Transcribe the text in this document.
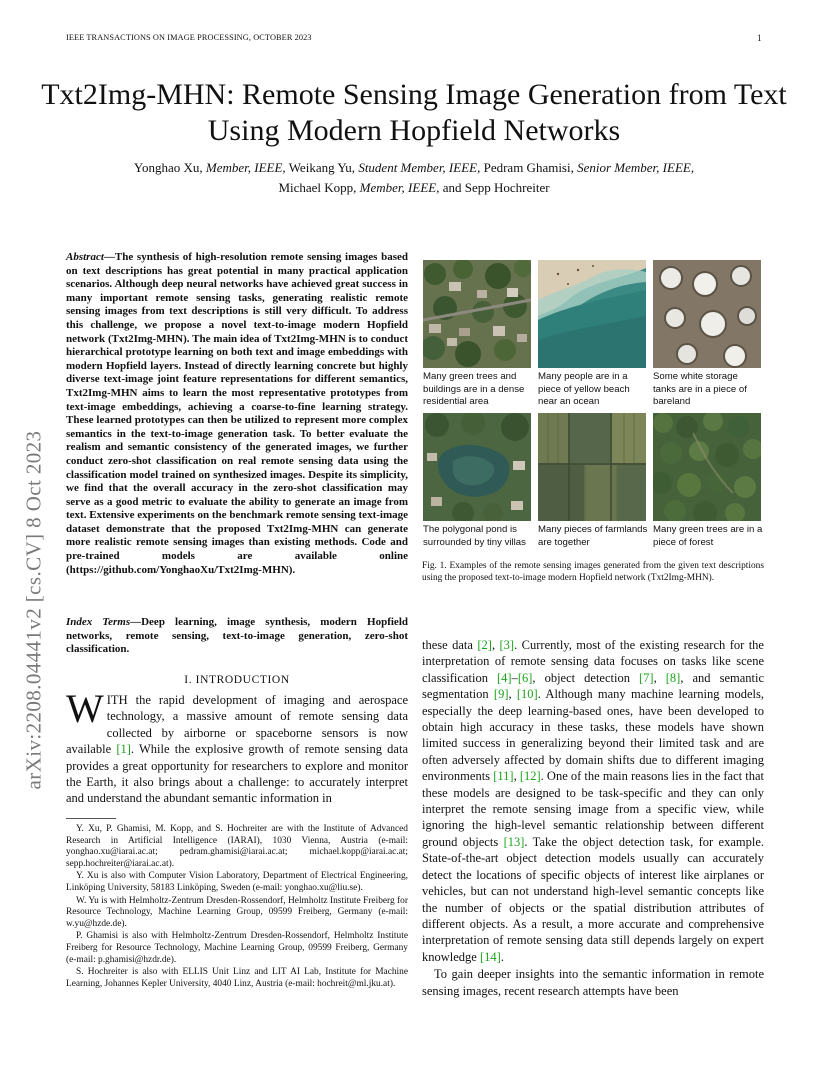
IEEE TRANSACTIONS ON IMAGE PROCESSING, OCTOBER 2023	1
arXiv:2208.04441v2 [cs.CV] 8 Oct 2023
Txt2Img-MHN: Remote Sensing Image Generation from Text Using Modern Hopfield Networks
Yonghao Xu, Member, IEEE, Weikang Yu, Student Member, IEEE, Pedram Ghamisi, Senior Member, IEEE,
Michael Kopp, Member, IEEE, and Sepp Hochreiter
Abstract—The synthesis of high-resolution remote sensing images based on text descriptions has great potential in many practical application scenarios. Although deep neural networks have achieved great success in many important remote sensing tasks, generating realistic remote sensing images from text descriptions is still very difficult. To address this challenge, we propose a novel text-to-image modern Hopfield network (Txt2Img-MHN). The main idea of Txt2Img-MHN is to conduct hierarchical prototype learning on both text and image embeddings with modern Hopfield layers. Instead of directly learning concrete but highly diverse text-image joint feature representations for different semantics, Txt2Img-MHN aims to learn the most representative prototypes from text-image embeddings, achieving a coarse-to-fine learning strategy. These learned prototypes can then be utilized to represent more complex semantics in the text-to-image generation task. To better evaluate the realism and semantic consistency of the generated images, we further conduct zero-shot classification on real remote sensing data using the classification model trained on synthesized images. Despite its simplicity, we find that the overall accuracy in the zero-shot classification may serve as a good metric to evaluate the ability to generate an image from text. Extensive experiments on the benchmark remote sensing text-image dataset demonstrate that the proposed Txt2Img-MHN can generate more realistic remote sensing images than existing methods. Code and pre-trained models are available online (https://github.com/YonghaoXu/Txt2Img-MHN).
Index Terms—Deep learning, image synthesis, modern Hopfield networks, remote sensing, text-to-image generation, zero-shot classification.
I. INTRODUCTION
WITH the rapid development of imaging and aerospace technology, a massive amount of remote sensing data collected by airborne or spaceborne sensors is now available [1]. While the explosive growth of remote sensing data provides a great opportunity for researchers to explore and monitor the Earth, it also brings about a challenge: to accurately interpret and understand the abundant semantic information in

Y. Xu, P. Ghamisi, M. Kopp, and S. Hochreiter are with the Institute of Advanced Research in Artificial Intelligence (IARAI), 1030 Vienna, Austria (e-mail: yonghao.xu@iarai.ac.at; pedram.ghamisi@iarai.ac.at; michael.kopp@iarai.ac.at; sepp.hochreiter@iarai.ac.at).

Y. Xu is also with Computer Vision Laboratory, Department of Electrical Engineering, Linköping University, 58183 Linköping, Sweden (e-mail: yonghao.xu@liu.se).

W. Yu is with Helmholtz-Zentrum Dresden-Rossendorf, Helmholtz Institute Freiberg for Resource Technology, Machine Learning Group, 09599 Freiberg, Germany (e-mail: w.yu@hzde.de).

P. Ghamisi is also with Helmholtz-Zentrum Dresden-Rossendorf, Helmholtz Institute Freiberg for Resource Technology, Machine Learning Group, 09599 Freiberg, Germany (e-mail: p.ghamisi@hzdr.de).

S. Hochreiter is also with ELLIS Unit Linz and LIT AI Lab, Institute for Machine Learning, Johannes Kepler University, 4040 Linz, Austria (e-mail: hochreit@ml.jku.at).

Many green trees and buildings are in a dense residential area
Many people are in a piece of yellow beach near an ocean
Some white storage tanks are in a piece of bareland
The polygonal pond is surrounded by tiny villas
Many pieces of farmlands are together
Many green trees are in a piece of forest
Fig. 1. Examples of the remote sensing images generated from the given text descriptions using the proposed text-to-image modern Hopfield network (Txt2Img-MHN).

these data [2], [3]. Currently, most of the existing research for the interpretation of remote sensing data focuses on tasks like scene classification [4]–[6], object detection [7], [8], and semantic segmentation [9], [10]. Although many machine learning models, especially the deep learning-based ones, have been developed to obtain high accuracy in these tasks, these models have shown limited success in generalizing beyond their limited task and are often adversely affected by domain shifts due to different imaging environments [11], [12]. One of the main reasons lies in the fact that these models are designed to be task-specific and they can only interpret the remote sensing image from a specific view, while ignoring the high-level semantic relationship between different ground objects [13]. Take the object detection task, for example. State-of-the-art object detection models usually can accurately detect the locations of specific objects of interest like airplanes or vehicles, but can not understand high-level semantic concepts like the number of objects or the spatial distribution attributes of different objects. As a result, a more accurate and comprehensive interpretation of remote sensing data still depends largely on expert knowledge [14].

To gain deeper insights into the semantic information in remote sensing images, recent research attempts have been
